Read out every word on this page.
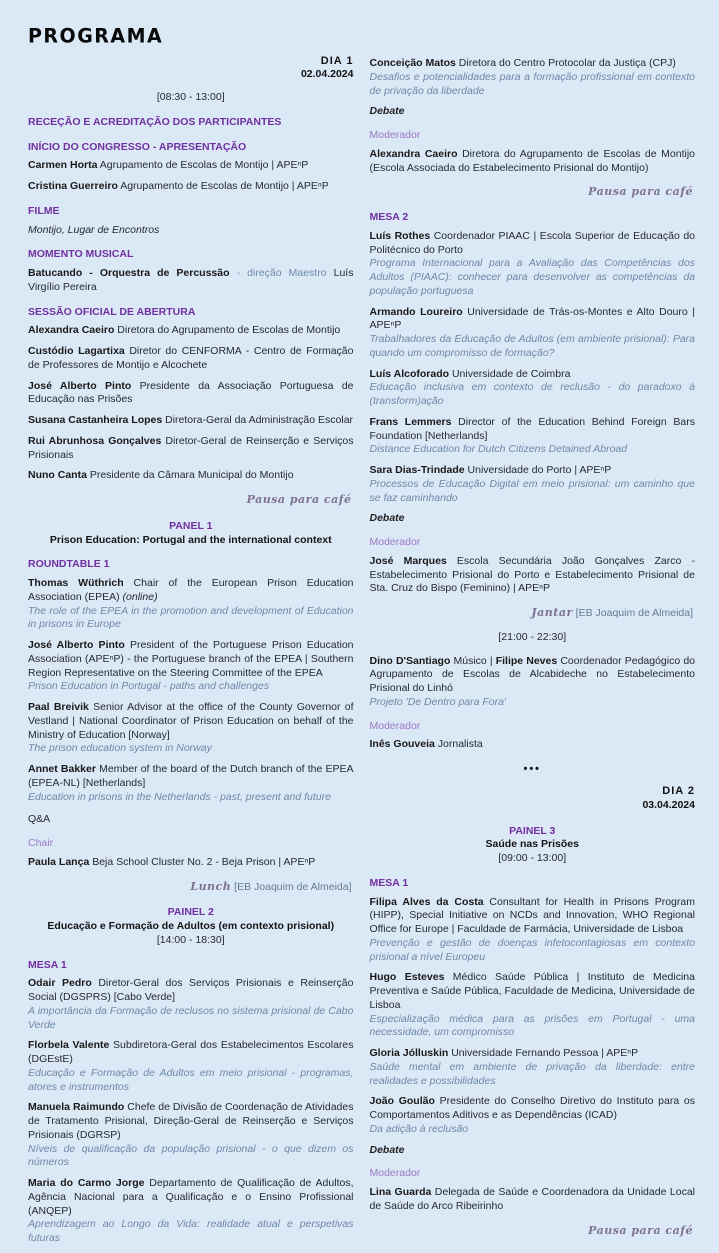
PROGRAMA
DIA 1
02.04.2024
[08:30 - 13:00]
RECEÇÃO E ACREDITAÇÃO DOS PARTICIPANTES
INÍCIO DO CONGRESSO - APRESENTAÇÃO

Carmen Horta Agrupamento de Escolas de Montijo | APEⁿP

Cristina Guerreiro Agrupamento de Escolas de Montijo | APEⁿP

FILME

Montijo, Lugar de Encontros

MOMENTO MUSICAL

Batucando - Orquestra de Percussão - direção Maestro Luís Virgílio Pereira

SESSÃO OFICIAL DE ABERTURA

Alexandra Caeiro Diretora do Agrupamento de Escolas de Montijo

Custódio Lagartixa Diretor do CENFORMA - Centro de Formação de Professores de Montijo e Alcochete

José Alberto Pinto Presidente da Associação Portuguesa de Educação nas Prisões

Susana Castanheira Lopes Diretora-Geral da Administração Escolar

Rui Abrunhosa Gonçalves Diretor-Geral de Reinserção e Serviços Prisionais

Nuno Canta Presidente da Câmara Municipal do Montijo

Pausa para café
PANEL 1
Prison Education: Portugal and the international context
ROUNDTABLE 1

Thomas Wüthrich Chair of the European Prison Education Association (EPEA) (online)
The role of the EPEA in the promotion and development of Education in prisons in Europe

José Alberto Pinto President of the Portuguese Prison Education Association (APEⁿP) - the Portuguese branch of the EPEA | Southern Region Representative on the Steering Committee of the EPEA
Prison Education in Portugal - paths and challenges

Paal Breivik Senior Advisor at the office of the County Governor of Vestland | National Coordinator of Prison Education on behalf of the Ministry of Education [Norway]
The prison education system in Norway

Annet Bakker Member of the board of the Dutch branch of the EPEA (EPEA-NL) [Netherlands]
Education in prisons in the Netherlands - past, present and future

Q&A
Chair

Paula Lança Beja School Cluster No. 2 - Beja Prison | APEⁿP

Lunch [EB Joaquim de Almeida]
PAINEL 2
Educação e Formação de Adultos (em contexto prisional)
[14:00 - 18:30]
MESA 1

Odair Pedro Diretor-Geral dos Serviços Prisionais e Reinserção Social (DGSPRS) [Cabo Verde]
A importância da Formação de reclusos no sistema prisional de Cabo Verde

Florbela Valente Subdiretora-Geral dos Estabelecimentos Escolares (DGEstE)
Educação e Formação de Adultos em meio prisional - programas, atores e instrumentos

Manuela Raimundo Chefe de Divisão de Coordenação de Atividades de Tratamento Prisional, Direção-Geral de Reinserção e Serviços Prisionais (DGRSP)
Níveis de qualificação da população prisional - o que dizem os números

Maria do Carmo Jorge Departamento de Qualificação de Adultos, Agência Nacional para a Qualificação e o Ensino Profissional (ANQEP)
Aprendizagem ao Longo da Vida: realidade atual e perspetivas futuras

Conceição Matos Diretora do Centro Protocolar da Justiça (CPJ)
Desafios e potencialidades para a formação profissional em contexto de privação da liberdade

Debate
Moderador

Alexandra Caeiro Diretora do Agrupamento de Escolas de Montijo (Escola Associada do Estabelecimento Prisional do Montijo)

Pausa para café
MESA 2

Luís Rothes Coordenador PIAAC | Escola Superior de Educação do Politécnico do Porto
Programa Internacional para a Avaliação das Competências dos Adultos (PIAAC): conhecer para desenvolver as competências da população portuguesa

Armando Loureiro Universidade de Trás-os-Montes e Alto Douro | APEⁿP
Trabalhadores da Educação de Adultos (em ambiente prisional): Para quando um compromisso de formação?

Luís Alcoforado Universidade de Coimbra
Educação inclusiva em contexto de reclusão - do paradoxo à (transform)ação

Frans Lemmers Director of the Education Behind Foreign Bars Foundation [Netherlands]
Distance Education for Dutch Citizens Detained Abroad

Sara Dias-Trindade Universidade do Porto | APEⁿP
Processos de Educação Digital em meio prisional: um caminho que se faz caminhando

Debate
Moderador

José Marques Escola Secundária João Gonçalves Zarco - Estabelecimento Prisional do Porto e Estabelecimento Prisional de Sta. Cruz do Bispo (Feminino) | APEⁿP

Jantar [EB Joaquim de Almeida]
[21:00 - 22:30]

Dino D'Santiago Músico | Filipe Neves Coordenador Pedagógico do Agrupamento de Escolas de Alcabideche no Estabelecimento Prisional do Linhó
Projeto 'De Dentro para Fora'

Moderador

Inês Gouveia Jornalista

•••
DIA 2
03.04.2024
PAINEL 3
Saúde nas Prisões
[09:00 - 13:00]
MESA 1

Filipa Alves da Costa Consultant for Health in Prisons Program (HIPP), Special Initiative on NCDs and Innovation, WHO Regional Office for Europe | Faculdade de Farmácia, Universidade de Lisboa
Prevenção e gestão de doenças infetocontagiosas em contexto prisional a nível Europeu

Hugo Esteves Médico Saúde Pública | Instituto de Medicina Preventiva e Saúde Pública, Faculdade de Medicina, Universidade de Lisboa
Especialização médica para as prisões em Portugal - uma necessidade, um compromisso

Gloria Jólluskin Universidade Fernando Pessoa | APEⁿP
Saúde mental em ambiente de privação da liberdade: entre realidades e possibilidades

João Goulão Presidente do Conselho Diretivo do Instituto para os Comportamentos Aditivos e as Dependências (ICAD)
Da adição à reclusão

Debate
Moderador

Lina Guarda Delegada de Saúde e Coordenadora da Unidade Local de Saúde do Arco Ribeirinho

Pausa para café
